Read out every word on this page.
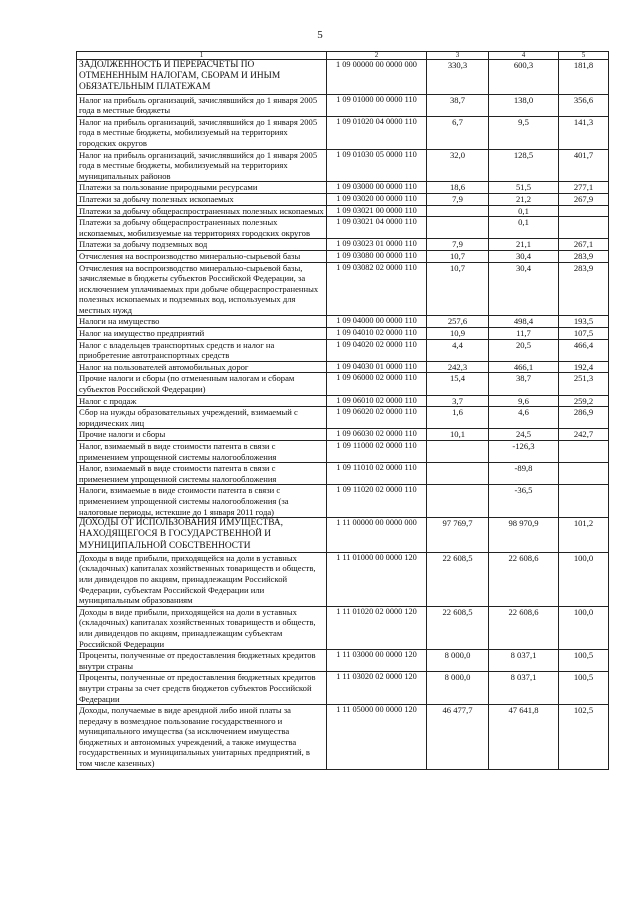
5
1	2	3	4	5
ЗАДОЛЖЕННОСТЬ И ПЕРЕРАСЧЕТЫ ПО ОТМЕНЕННЫМ НАЛОГАМ, СБОРАМ И ИНЫМ ОБЯЗАТЕЛЬНЫМ ПЛАТЕЖАМ	1 09 00000 00 0000 000	330,3	600,3	181,8
Налог на прибыль организаций, зачислявшийся до 1 января 2005 года в местные бюджеты	1 09 01000 00 0000 110	38,7	138,0	356,6
Налог на прибыль организаций, зачислявшийся до 1 января 2005 года в местные бюджеты, мобилизуемый на территориях городских округов	1 09 01020 04 0000 110	6,7	9,5	141,3
Налог на прибыль организаций, зачислявшийся до 1 января 2005 года в местные бюджеты, мобилизуемый на территориях муниципальных районов	1 09 01030 05 0000 110	32,0	128,5	401,7
Платежи за пользование природными ресурсами	1 09 03000 00 0000 110	18,6	51,5	277,1
Платежи за добычу полезных ископаемых	1 09 03020 00 0000 110	7,9	21,2	267,9
Платежи за добычу общераспространенных полезных ископаемых	1 09 03021 00 0000 110		0,1	
Платежи за добычу общераспространенных полезных ископаемых, мобилизуемые на территориях городских округов	1 09 03021 04 0000 110		0,1	
Платежи за добычу подземных вод	1 09 03023 01 0000 110	7,9	21,1	267,1
Отчисления на воспроизводство минерально-сырьевой базы	1 09 03080 00 0000 110	10,7	30,4	283,9
Отчисления на воспроизводство минерально-сырьевой базы, зачисляемые в бюджеты субъектов Российской Федерации, за исключением уплачиваемых при добыче общераспространенных полезных ископаемых и подземных вод, используемых для местных нужд	1 09 03082 02 0000 110	10,7	30,4	283,9
Налоги на имущество	1 09 04000 00 0000 110	257,6	498,4	193,5
Налог на имущество предприятий	1 09 04010 02 0000 110	10,9	11,7	107,5
Налог с владельцев транспортных средств и налог на приобретение автотранспортных средств	1 09 04020 02 0000 110	4,4	20,5	466,4
Налог на пользователей автомобильных дорог	1 09 04030 01 0000 110	242,3	466,1	192,4
Прочие налоги и сборы (по отмененным налогам и сборам субъектов Российской Федерации)	1 09 06000 02 0000 110	15,4	38,7	251,3
Налог с продаж	1 09 06010 02 0000 110	3,7	9,6	259,2
Сбор на нужды образовательных учреждений, взимаемый с юридических лиц	1 09 06020 02 0000 110	1,6	4,6	286,9
Прочие налоги и сборы	1 09 06030 02 0000 110	10,1	24,5	242,7
Налог, взимаемый в виде стоимости патента в связи с применением упрощенной системы налогообложения	1 09 11000 02 0000 110		-126,3	
Налог, взимаемый в виде стоимости патента в связи с применением упрощенной системы налогообложения	1 09 11010 02 0000 110		-89,8	
Налоги, взимаемые в виде стоимости патента в связи с применением упрощенной системы налогообложения (за налоговые периоды, истекшие до 1 января 2011 года)	1 09 11020 02 0000 110		-36,5	
ДОХОДЫ ОТ ИСПОЛЬЗОВАНИЯ ИМУЩЕСТВА, НАХОДЯЩЕГОСЯ В ГОСУДАРСТВЕННОЙ И МУНИЦИПАЛЬНОЙ СОБСТВЕННОСТИ	1 11 00000 00 0000 000	97 769,7	98 970,9	101,2
Доходы в виде прибыли, приходящейся на доли в уставных (складочных) капиталах хозяйственных товариществ и обществ, или дивидендов по акциям, принадлежащим Российской Федерации, субъектам Российской Федерации или муниципальным образованиям	1 11 01000 00 0000 120	22 608,5	22 608,6	100,0
Доходы в виде прибыли, приходящейся на доли в уставных (складочных) капиталах хозяйственных товариществ и обществ, или дивидендов по акциям, принадлежащим субъектам Российской Федерации	1 11 01020 02 0000 120	22 608,5	22 608,6	100,0
Проценты, полученные от предоставления бюджетных кредитов внутри страны	1 11 03000 00 0000 120	8 000,0	8 037,1	100,5
Проценты, полученные от предоставления бюджетных кредитов внутри страны за счет средств бюджетов субъектов Российской Федерации	1 11 03020 02 0000 120	8 000,0	8 037,1	100,5
Доходы, получаемые в виде арендной либо иной платы за передачу в возмездное пользование государственного и муниципального имущества (за исключением имущества бюджетных и автономных учреждений, а также имущества государственных и муниципальных унитарных предприятий, в том числе казенных)	1 11 05000 00 0000 120	46 477,7	47 641,8	102,5
